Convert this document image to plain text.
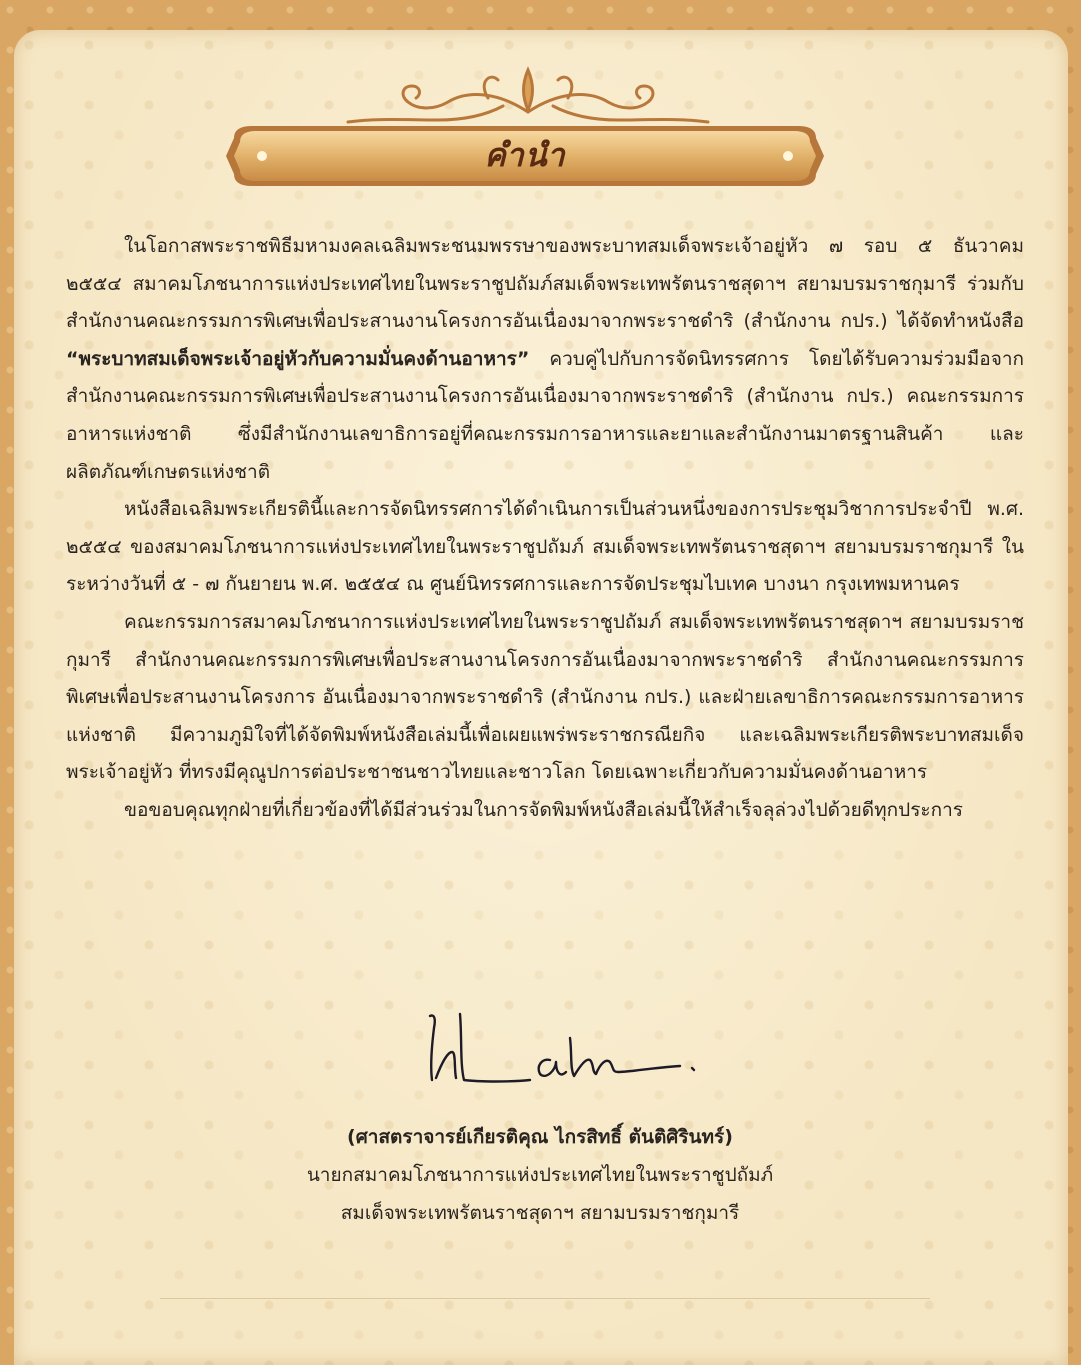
คำนำ

ในโอกาสพระราชพิธีมหามงคลเฉลิมพระชนมพรรษาของพระบาทสมเด็จพระเจ้าอยู่หัว ๗ รอบ ๕ ธันวาคม ๒๕๕๔ สมาคมโภชนาการแห่งประเทศไทยในพระราชูปถัมภ์สมเด็จพระเทพรัตนราชสุดาฯ สยามบรมราชกุมารี ร่วมกับสำนักงานคณะกรรมการพิเศษเพื่อประสานงานโครงการอันเนื่องมาจากพระราชดำริ (สำนักงาน กปร.) ได้จัดทำหนังสือ “พระบาทสมเด็จพระเจ้าอยู่หัวกับความมั่นคงด้านอาหาร” ควบคู่ไปกับการจัดนิทรรศการ โดยได้รับความร่วมมือจากสำนักงานคณะกรรมการพิเศษเพื่อประสานงานโครงการอันเนื่องมาจากพระราชดำริ (สำนักงาน กปร.) คณะกรรมการอาหารแห่งชาติ ซึ่งมีสำนักงานเลขาธิการอยู่ที่คณะกรรมการอาหารและยาและสำนักงานมาตรฐานสินค้า และผลิตภัณฑ์เกษตรแห่งชาติ

หนังสือเฉลิมพระเกียรตินี้และการจัดนิทรรศการได้ดำเนินการเป็นส่วนหนึ่งของการประชุมวิชาการประจำปี พ.ศ. ๒๕๕๔ ของสมาคมโภชนาการแห่งประเทศไทยในพระราชูปถัมภ์ สมเด็จพระเทพรัตนราชสุดาฯ สยามบรมราชกุมารี ในระหว่างวันที่ ๕ - ๗ กันยายน พ.ศ. ๒๕๕๔ ณ ศูนย์นิทรรศการและการจัดประชุมไบเทค บางนา กรุงเทพมหานคร

คณะกรรมการสมาคมโภชนาการแห่งประเทศไทยในพระราชูปถัมภ์ สมเด็จพระเทพรัตนราชสุดาฯ สยามบรมราชกุมารี สำนักงานคณะกรรมการพิเศษเพื่อประสานงานโครงการอันเนื่องมาจากพระราชดำริ สำนักงานคณะกรรมการพิเศษเพื่อประสานงานโครงการ อันเนื่องมาจากพระราชดำริ (สำนักงาน กปร.) และฝ่ายเลขาธิการคณะกรรมการอาหารแห่งชาติ มีความภูมิใจที่ได้จัดพิมพ์หนังสือเล่มนี้เพื่อเผยแพร่พระราชกรณียกิจ และเฉลิมพระเกียรติพระบาทสมเด็จพระเจ้าอยู่หัว ที่ทรงมีคุณูปการต่อประชาชนชาวไทยและชาวโลก โดยเฉพาะเกี่ยวกับความมั่นคงด้านอาหาร

ขอขอบคุณทุกฝ่ายที่เกี่ยวข้องที่ได้มีส่วนร่วมในการจัดพิมพ์หนังสือเล่มนี้ให้สำเร็จลุล่วงไปด้วยดีทุกประการ

(ศาสตราจารย์เกียรติคุณ ไกรสิทธิ์ ตันติศิรินทร์)
นายกสมาคมโภชนาการแห่งประเทศไทยในพระราชูปถัมภ์
สมเด็จพระเทพรัตนราชสุดาฯ สยามบรมราชกุมารี
